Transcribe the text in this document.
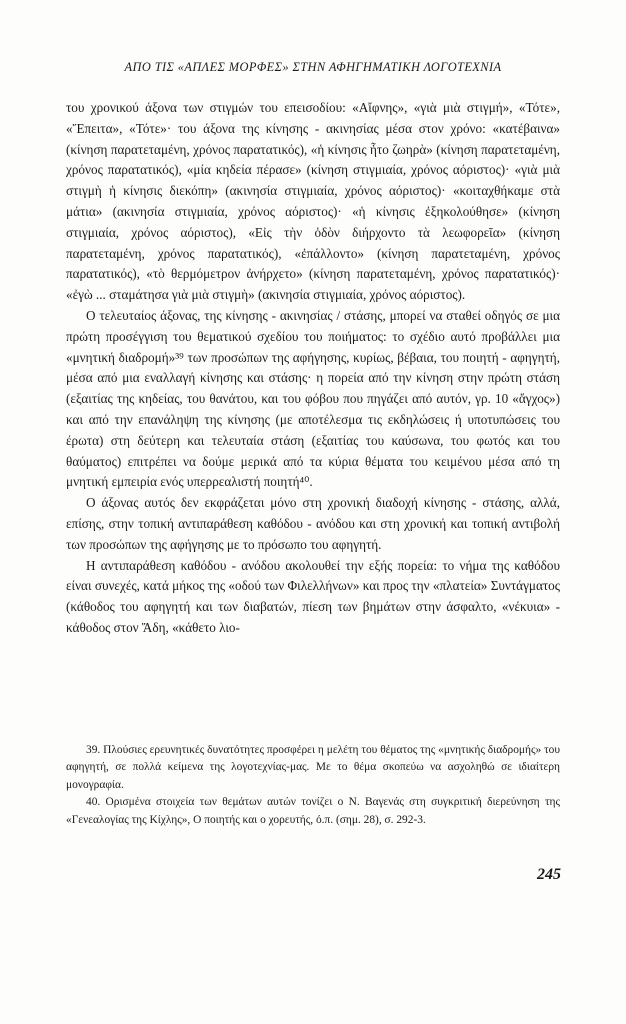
ΑΠΟ ΤΙΣ «ΑΠΛΕΣ ΜΟΡΦΕΣ» ΣΤΗΝ ΑΦΗΓΗΜΑΤΙΚΗ ΛΟΓΟΤΕΧΝΙΑ

του χρονικού άξονα των στιγμών του επεισοδίου: «Αἴφνης», «γιὰ μιὰ στιγμή», «Τότε», «Ἔπειτα», «Τότε»· του άξονα της κίνησης - ακινησίας μέσα στον χρόνο: «κατέβαινα» (κίνηση παρατεταμένη, χρόνος παρατατικός), «ἡ κίνησις ἦτο ζωηρὰ» (κίνηση παρατεταμένη, χρόνος παρατατικός), «μία κηδεία πέρασε» (κίνηση στιγμιαία, χρόνος αόριστος)· «γιὰ μιὰ στιγμὴ ἡ κίνησις διεκόπη» (ακινησία στιγμιαία, χρόνος αόριστος)· «κοιταχθήκαμε στὰ μάτια» (ακινησία στιγμιαία, χρόνος αόριστος)· «ἡ κίνησις ἐξηκολούθησε» (κίνηση στιγμιαία, χρόνος αόριστος), «Εἰς τὴν ὁδὸν διήρχοντο τὰ λεωφορεῖα» (κίνηση παρατεταμένη, χρόνος παρατατικός), «ἐπάλλοντο» (κίνηση παρατεταμένη, χρόνος παρατατικός), «τὸ θερμόμετρον ἀνήρχετο» (κίνηση παρατεταμένη, χρόνος παρατατικός)· «ἐγὼ ... σταμάτησα γιὰ μιὰ στιγμὴ» (ακινησία στιγμιαία, χρόνος αόριστος).

Ο τελευταίος άξονας, της κίνησης - ακινησίας / στάσης, μπορεί να σταθεί οδηγός σε μια πρώτη προσέγγιση του θεματικού σχεδίου του ποιήματος: το σχέδιο αυτό προβάλλει μια «μνητική διαδρομή»³⁹ των προσώπων της αφήγησης, κυρίως, βέβαια, του ποιητή - αφηγητή, μέσα από μια εναλλαγή κίνησης και στάσης· η πορεία από την κίνηση στην πρώτη στάση (εξαιτίας της κηδείας, του θανάτου, και του φόβου που πηγάζει από αυτόν, γρ. 10 «ἄγχος») και από την επανάληψη της κίνησης (με αποτέλεσμα τις εκδηλώσεις ή υποτυπώσεις του έρωτα) στη δεύτερη και τελευταία στάση (εξαιτίας του καύσωνα, του φωτός και του θαύματος) επιτρέπει να δούμε μερικά από τα κύρια θέματα του κειμένου μέσα από τη μνητική εμπειρία ενός υπερρεαλιστή ποιητή⁴⁰.

Ο άξονας αυτός δεν εκφράζεται μόνο στη χρονική διαδοχή κίνησης - στάσης, αλλά, επίσης, στην τοπική αντιπαράθεση καθόδου - ανόδου και στη χρονική και τοπική αντιβολή των προσώπων της αφήγησης με το πρόσωπο του αφηγητή.

Η αντιπαράθεση καθόδου - ανόδου ακολουθεί την εξής πορεία: το νήμα της καθόδου είναι συνεχές, κατά μήκος της «οδού των Φιλελλήνων» και προς την «πλατεία» Συντάγματος (κάθοδος του αφηγητή και των διαβατών, πίεση των βημάτων στην άσφαλτο, «νέκυια» - κάθοδος στον Ἅδη, «κάθετο λιο-

39. Πλούσιες ερευνητικές δυνατότητες προσφέρει η μελέτη του θέματος της «μνητικής διαδρομής» του αφηγητή, σε πολλά κείμενα της λογοτεχνίας-μας. Με το θέμα σκοπεύω να ασχοληθώ σε ιδιαίτερη μονογραφία.

40. Ορισμένα στοιχεία των θεμάτων αυτών τονίζει ο Ν. Βαγενάς στη συγκριτική διερεύνηση της «Γενεαλογίας της Κίχλης», Ο ποιητής και ο χορευτής, ό.π. (σημ. 28), σ. 292-3.

245
